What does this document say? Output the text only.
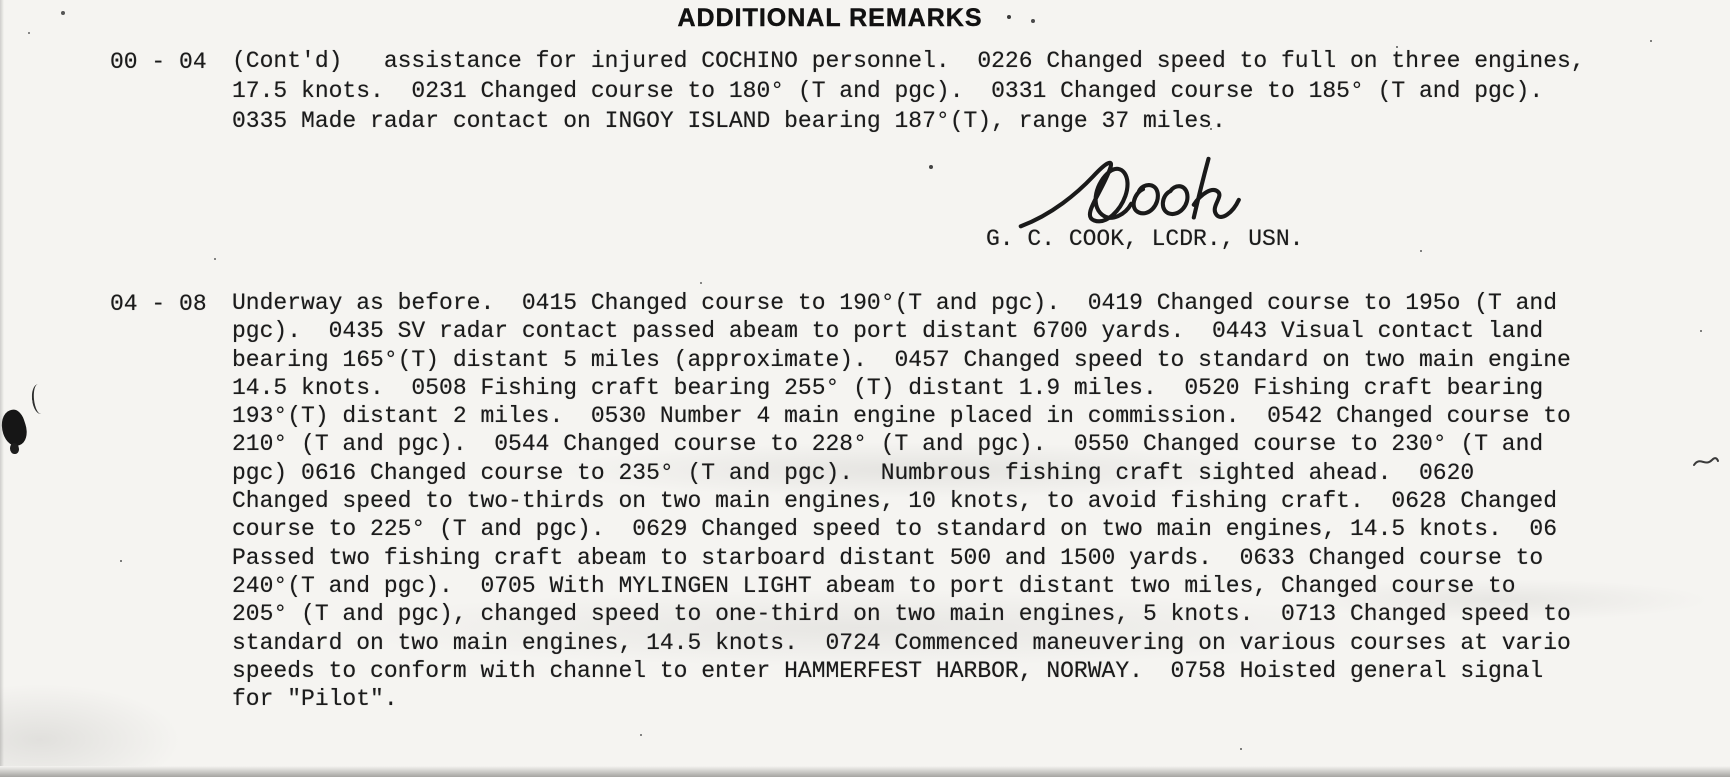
ADDITIONAL REMARKS
00 - 04 (Cont'd)   assistance for injured COCHINO personnel.  0226 Changed speed to full on three engines,
17.5 knots.  0231 Changed course to 180° (T and pgc).  0331 Changed course to 185° (T and pgc).
0335 Made radar contact on INGOY ISLAND bearing 187°(T), range 37 miles.
G. C. COOK, LCDR., USN.
04 - 08 Underway as before.  0415 Changed course to 190°(T and pgc).  0419 Changed course to 195o (T and
pgc).  0435 SV radar contact passed abeam to port distant 6700 yards.  0443 Visual contact land
bearing 165°(T) distant 5 miles (approximate).  0457 Changed speed to standard on two main engine
14.5 knots.  0508 Fishing craft bearing 255° (T) distant 1.9 miles.  0520 Fishing craft bearing
193°(T) distant 2 miles.  0530 Number 4 main engine placed in commission.  0542 Changed course to
210° (T and pgc).  0544 Changed course to 228° (T and pgc).  0550 Changed course to 230° (T and
pgc) 0616 Changed course to 235° (T and pgc).  Numbrous fishing craft sighted ahead.  0620
Changed speed to two-thirds on two main engines, 10 knots, to avoid fishing craft.  0628 Changed
course to 225° (T and pgc).  0629 Changed speed to standard on two main engines, 14.5 knots.  06
Passed two fishing craft abeam to starboard distant 500 and 1500 yards.  0633 Changed course to
240°(T and pgc).  0705 With MYLINGEN LIGHT abeam to port distant two miles, Changed course to
205° (T and pgc), changed speed to one-third on two main engines, 5 knots.  0713 Changed speed to
standard on two main engines, 14.5 knots.  0724 Commenced maneuvering on various courses at vario
speeds to conform with channel to enter HAMMERFEST HARBOR, NORWAY.  0758 Hoisted general signal
for "Pilot".
